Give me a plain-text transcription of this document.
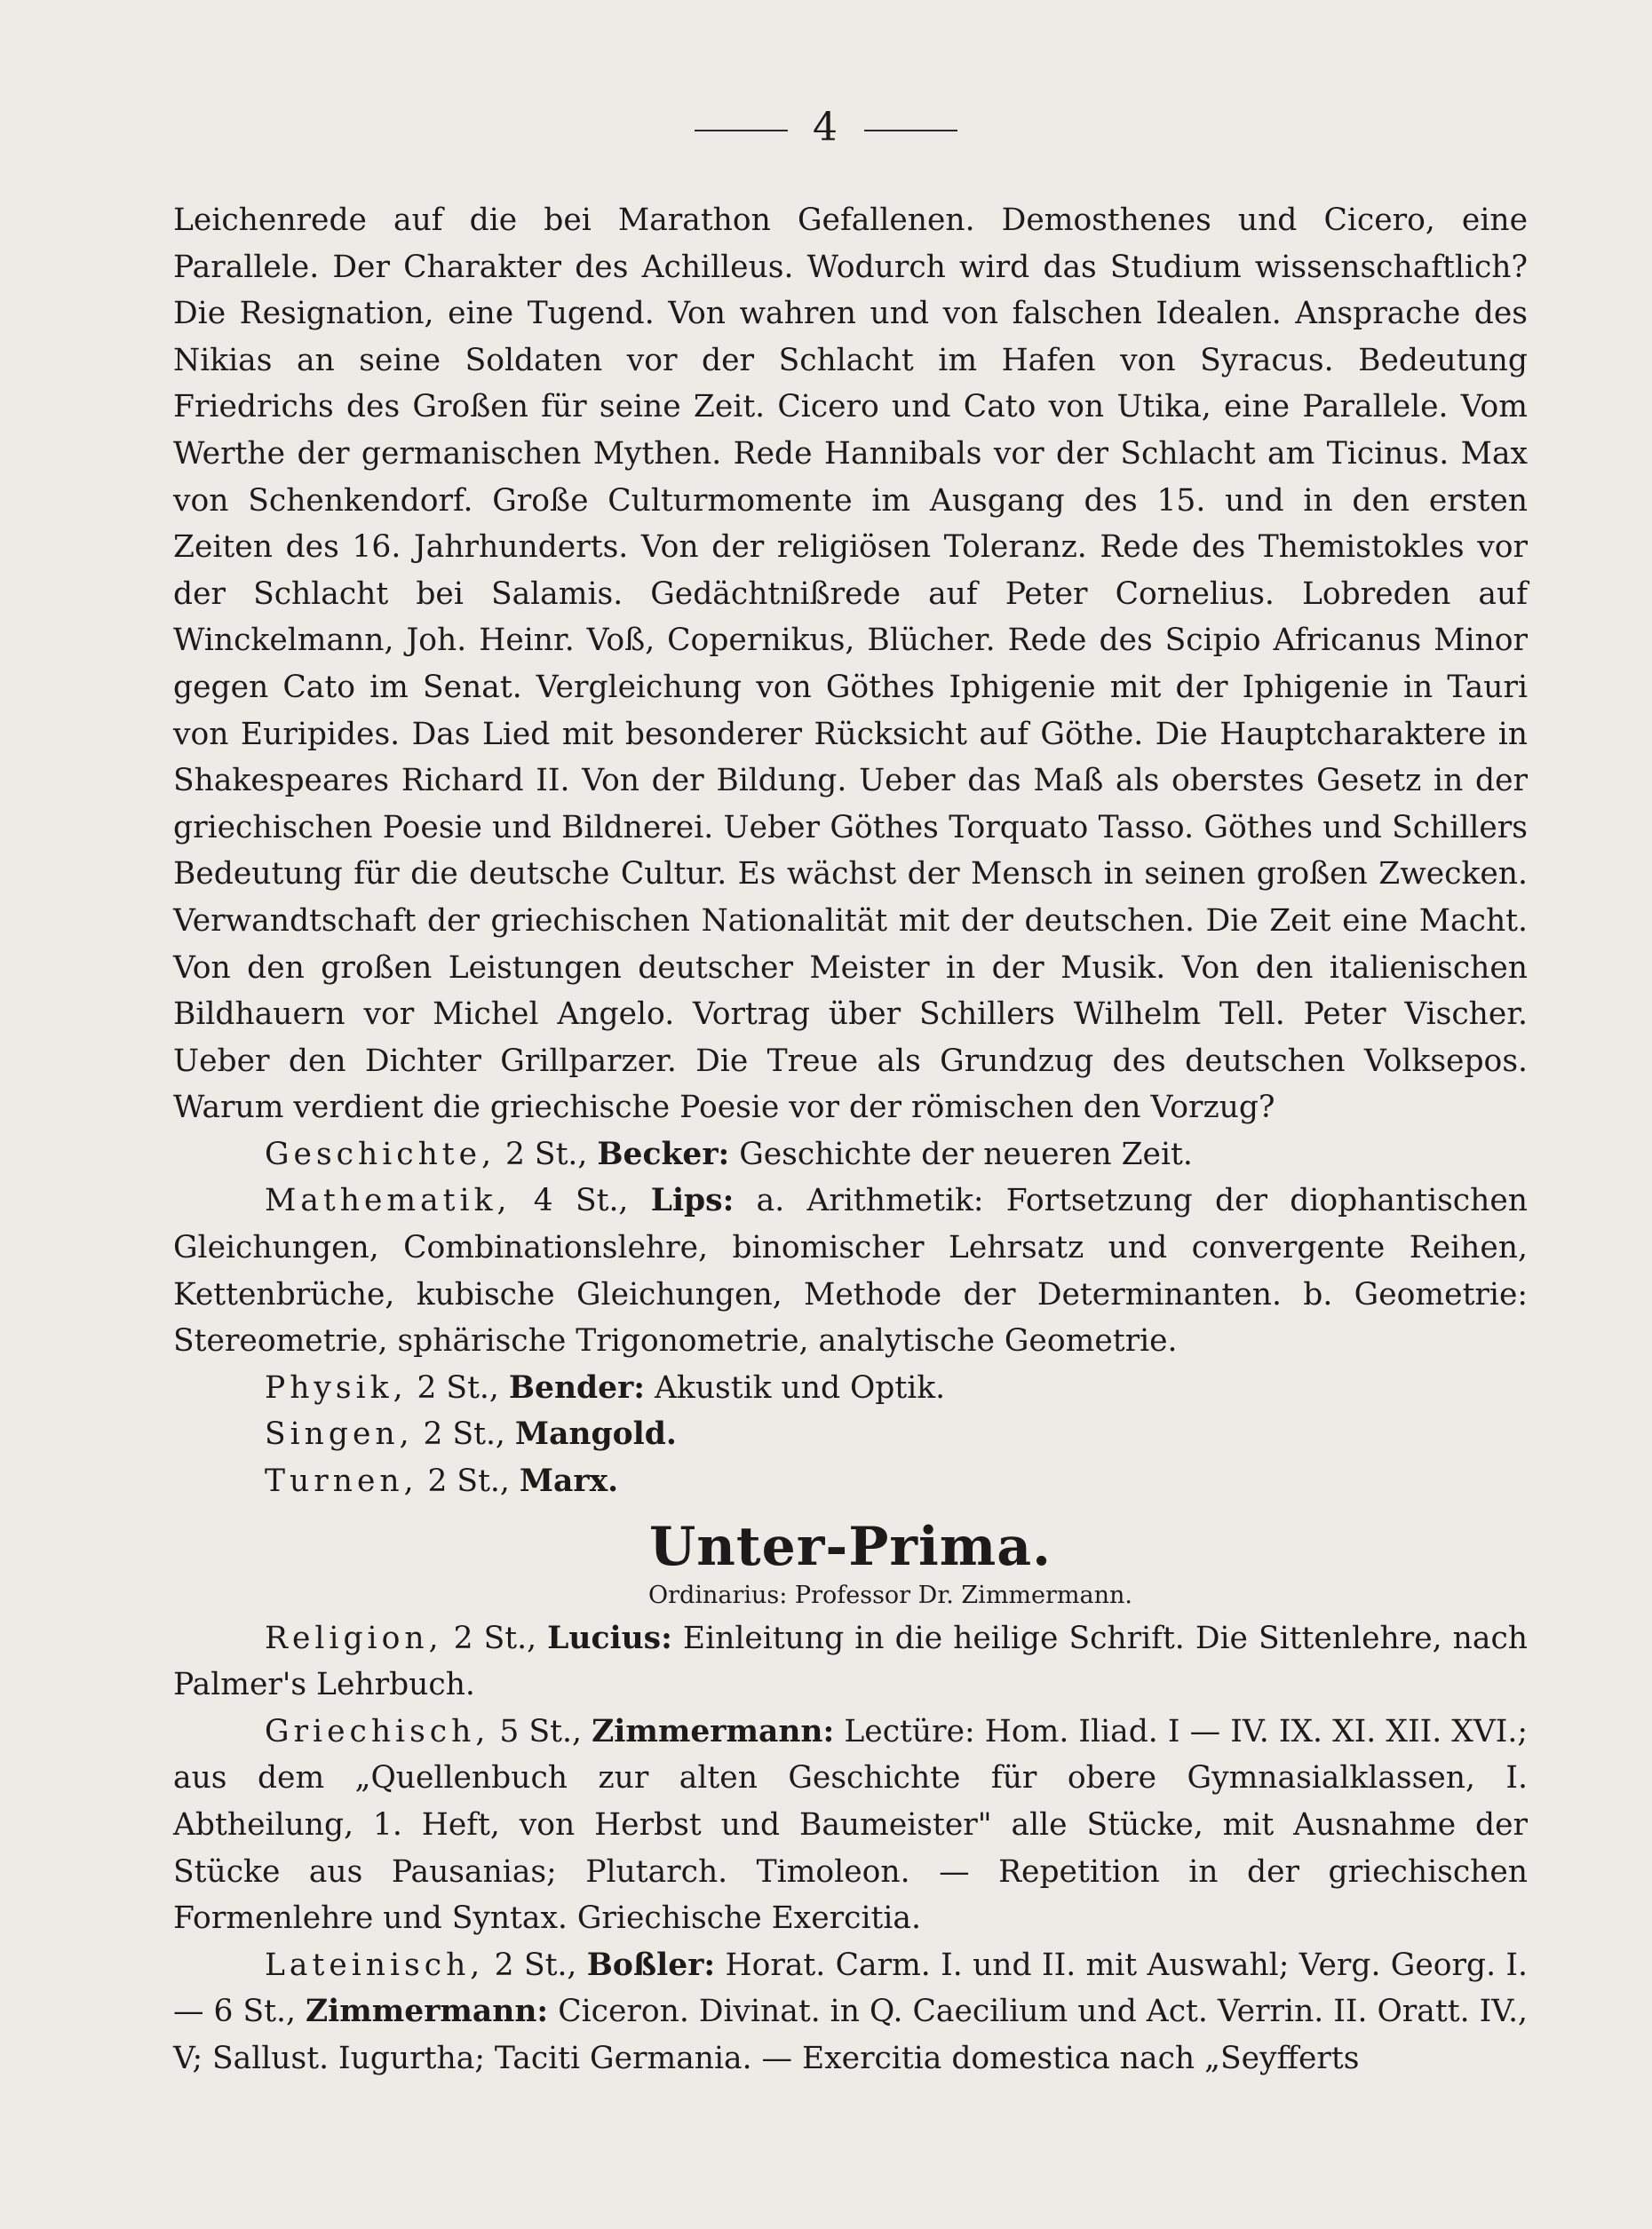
4

Leichenrede auf die bei Marathon Gefallenen. Demosthenes und Cicero, eine Parallele. Der Charakter des Achilleus. Wodurch wird das Studium wissenschaftlich? Die Resignation, eine Tugend. Von wahren und von falschen Idealen. Ansprache des Nikias an seine Soldaten vor der Schlacht im Hafen von Syracus. Bedeutung Friedrichs des Großen für seine Zeit. Cicero und Cato von Utika, eine Parallele. Vom Werthe der germanischen Mythen. Rede Hannibals vor der Schlacht am Ticinus. Max von Schenkendorf. Große Culturmomente im Ausgang des 15. und in den ersten Zeiten des 16. Jahrhunderts. Von der religiösen Toleranz. Rede des Themistokles vor der Schlacht bei Salamis. Gedächtnißrede auf Peter Cornelius. Lobreden auf Winckelmann, Joh. Heinr. Voß, Copernikus, Blücher. Rede des Scipio Africanus Minor gegen Cato im Senat. Vergleichung von Göthes Iphigenie mit der Iphigenie in Tauri von Euripides. Das Lied mit besonderer Rücksicht auf Göthe. Die Hauptcharaktere in Shakespeares Richard II. Von der Bildung. Ueber das Maß als oberstes Gesetz in der griechischen Poesie und Bildnerei. Ueber Göthes Torquato Tasso. Göthes und Schillers Bedeutung für die deutsche Cultur. Es wächst der Mensch in seinen großen Zwecken. Verwandtschaft der griechischen Nationalität mit der deutschen. Die Zeit eine Macht. Von den großen Leistungen deutscher Meister in der Musik. Von den italienischen Bildhauern vor Michel Angelo. Vortrag über Schillers Wilhelm Tell. Peter Vischer. Ueber den Dichter Grillparzer. Die Treue als Grundzug des deutschen Volksepos. Warum verdient die griechische Poesie vor der römischen den Vorzug?

Geschichte, 2 St., Becker: Geschichte der neueren Zeit.

Mathematik, 4 St., Lips: a. Arithmetik: Fortsetzung der diophantischen Gleichungen, Combinationslehre, binomischer Lehrsatz und convergente Reihen, Kettenbrüche, kubische Gleichungen, Methode der Determinanten. b. Geometrie: Stereometrie, sphärische Trigonometrie, analytische Geometrie.

Physik, 2 St., Bender: Akustik und Optik.

Singen, 2 St., Mangold.

Turnen, 2 St., Marx.

Unter-Prima.
Ordinarius: Professor Dr. Zimmermann.

Religion, 2 St., Lucius: Einleitung in die heilige Schrift. Die Sittenlehre, nach Palmer's Lehrbuch.

Griechisch, 5 St., Zimmermann: Lectüre: Hom. Iliad. I — IV. IX. XI. XII. XVI.; aus dem „Quellenbuch zur alten Geschichte für obere Gymnasialklassen, I. Abtheilung, 1. Heft, von Herbst und Baumeister" alle Stücke, mit Ausnahme der Stücke aus Pausanias; Plutarch. Timoleon. — Repetition in der griechischen Formenlehre und Syntax. Griechische Exercitia.

Lateinisch, 2 St., Boßler: Horat. Carm. I. und II. mit Auswahl; Verg. Georg. I. — 6 St., Zimmermann: Ciceron. Divinat. in Q. Caecilium und Act. Verrin. II. Oratt. IV., V; Sallust. Iugurtha; Taciti Germania. — Exercitia domestica nach „Seyfferts
